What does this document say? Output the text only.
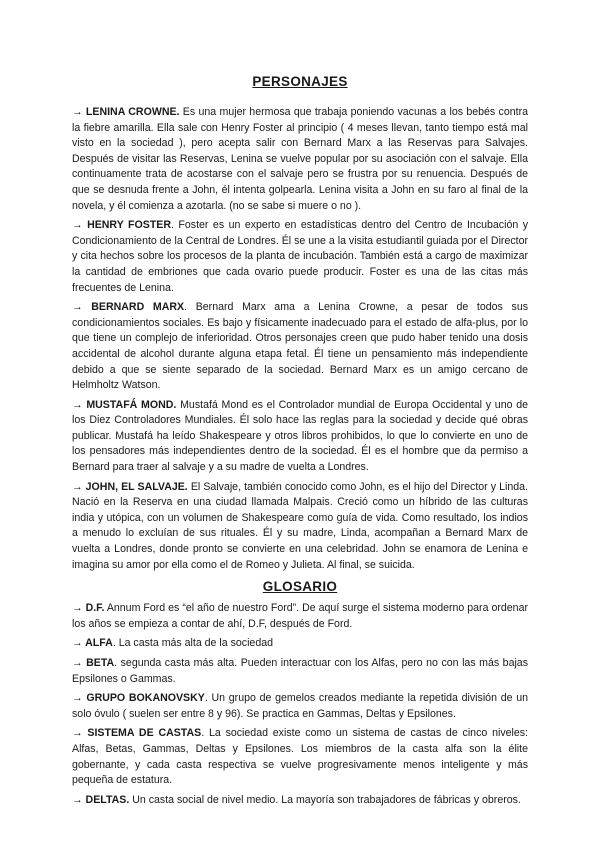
PERSONAJES

→ LENINA CROWNE. Es una mujer hermosa que trabaja poniendo vacunas a los bebés contra la fiebre amarilla. Ella sale con Henry Foster al principio ( 4 meses llevan, tanto tiempo está mal visto en la sociedad ), pero acepta salir con Bernard Marx a las Reservas para Salvajes. Después de visitar las Reservas, Lenina se vuelve popular por su asociación con el salvaje. Ella continuamente trata de acostarse con el salvaje pero se frustra por su renuencia. Después de que se desnuda frente a John, él intenta golpearla. Lenina visita a John en su faro al final de la novela, y él comienza a azotarla. (no se sabe si muere o no ).

→ HENRY FOSTER. Foster es un experto en estadísticas dentro del Centro de Incubación y Condicionamiento de la Central de Londres. Él se une a la visita estudiantil guiada por el Director y cita hechos sobre los procesos de la planta de incubación. También está a cargo de maximizar la cantidad de embriones que cada ovario puede producir. Foster es una de las citas más frecuentes de Lenina.

→ BERNARD MARX. Bernard Marx ama a Lenina Crowne, a pesar de todos sus condicionamientos sociales. Es bajo y físicamente inadecuado para el estado de alfa-plus, por lo que tiene un complejo de inferioridad. Otros personajes creen que pudo haber tenido una dosis accidental de alcohol durante alguna etapa fetal. Él tiene un pensamiento más independiente debido a que se siente separado de la sociedad. Bernard Marx es un amigo cercano de Helmholtz Watson.

→ MUSTAFÁ MOND. Mustafá Mond es el Controlador mundial de Europa Occidental y uno de los Diez Controladores Mundiales. Él solo hace las reglas para la sociedad y decide qué obras publicar. Mustafá ha leído Shakespeare y otros libros prohibidos, lo que lo convierte en uno de los pensadores más independientes dentro de la sociedad. Él es el hombre que da permiso a Bernard para traer al salvaje y a su madre de vuelta a Londres.

→ JOHN, EL SALVAJE. El Salvaje, también conocido como John, es el hijo del Director y Linda. Nació en la Reserva en una ciudad llamada Malpais. Creció como un híbrido de las culturas india y utópica, con un volumen de Shakespeare como guía de vida. Como resultado, los indios a menudo lo excluían de sus rituales. Él y su madre, Linda, acompañan a Bernard Marx de vuelta a Londres, donde pronto se convierte en una celebridad. John se enamora de Lenina e imagina su amor por ella como el de Romeo y Julieta. Al final, se suicida.

GLOSARIO

→ D.F. Annum Ford es “el año de nuestro Ford”. De aquí surge el sistema moderno para ordenar los años se empieza a contar de ahí, D.F, después de Ford.

→ ALFA. La casta más alta de la sociedad

→ BETA. segunda casta más alta. Pueden interactuar con los Alfas, pero no con las más bajas Epsilones o Gammas.

→ GRUPO BOKANOVSKY. Un grupo de gemelos creados mediante la repetida división de un solo óvulo ( suelen ser entre 8 y 96). Se practica en Gammas, Deltas y Epsilones.

→ SISTEMA DE CASTAS. La sociedad existe como un sistema de castas de cinco niveles: Alfas, Betas, Gammas, Deltas y Epsilones. Los miembros de la casta alfa son la élite gobernante, y cada casta respectiva se vuelve progresivamente menos inteligente y más pequeña de estatura.

→ DELTAS. Un casta social de nivel medio. La mayoría son trabajadores de fábricas y obreros.
